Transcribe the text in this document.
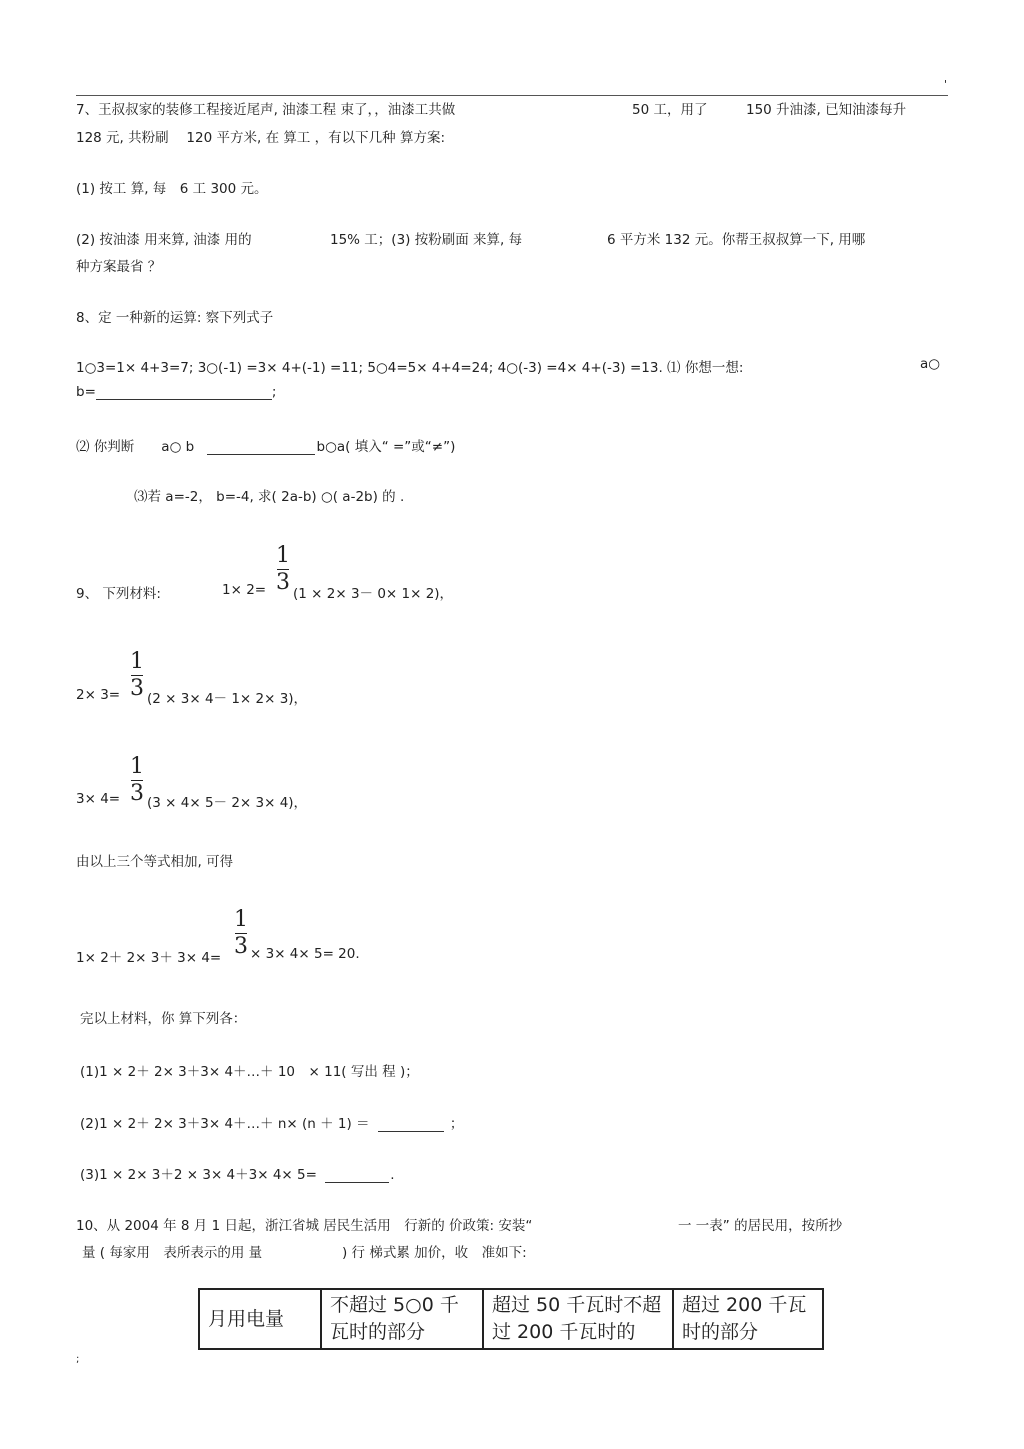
'
7、王叔叔家的装修工程接近尾声, 油漆工程 束了，，油漆工共做	50 工，用了	150 升油漆, 已知油漆每升
128 元, 共粉刷　 120 平方米, 在 算工 ，有以下几种 算方案:
(1) 按工 算, 每　6 工 300 元。
(2) 按油漆 用来算, 油漆 用的	15% 工；(3) 按粉刷面 来算, 每	6 平方米 132 元。你帮王叔叔算一下, 用哪
种方案最省 ？
8、定 一种新的运算: 察下列式子
1○3=1× 4+3=7; 3○(-1) =3× 4+(-1) =11; 5○4=5× 4+4=24; 4○(-3) =4× 4+(-3) =13. ⑴ 你想一想:	a○
b=	;
⑵ 你判断　　a○ b	b○a( 填入“ =”或“≠”)
⑶若 a=-2， b=-4, 求( 2a-b) ○( a-2b) 的 .
9、 下列材料:	1× 2=
1
3 (1 × 2× 3－ 0× 1× 2)，
2× 3=
1
3 (2 × 3× 4－ 1× 2× 3)，
3× 4=
1
3 (3 × 4× 5－ 2× 3× 4)，
由以上三个等式相加, 可得
1× 2＋ 2× 3＋ 3× 4=
1
3 × 3× 4× 5= 20.
完以上材料，你 算下列各：
(1)1 × 2＋ 2× 3＋3× 4＋…＋ 10　× 11( 写出 程 )；
(2)1 × 2＋ 2× 3＋3× 4＋…＋ n× (n ＋ 1) ＝	；
(3)1 × 2× 3＋2 × 3× 4＋3× 4× 5=	.
10、从 2004 年 8 月 1 日起，浙江省城 居民生活用　行新的 价政策: 安装“	一 一表” 的居民用，按所抄
量 ( 每家用　表所表示的用 量	) 行 梯式累 加价，收　准如下:
月用电量	不超过 5○0 千瓦时的部分	超过 50 千瓦时不超过 200 千瓦时的	超过 200 千瓦时的部分
;
